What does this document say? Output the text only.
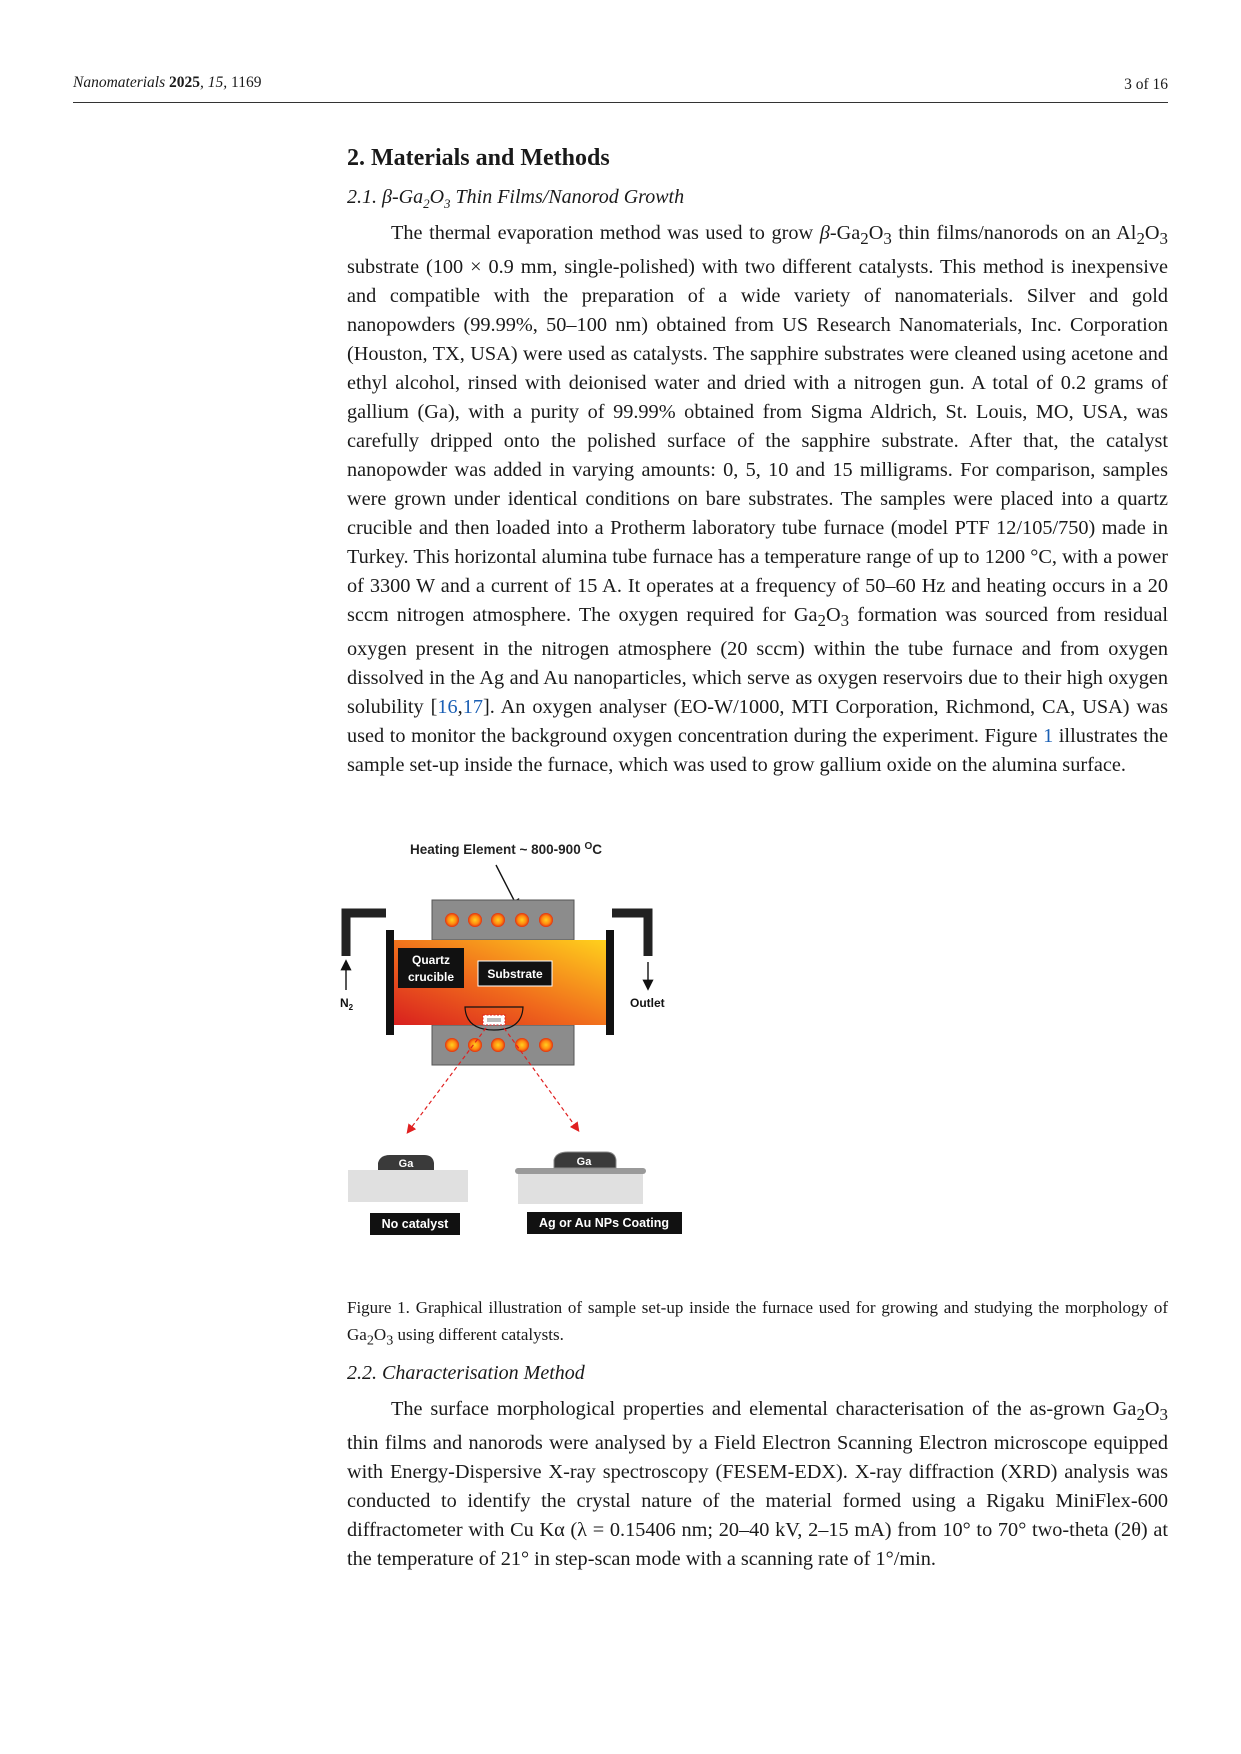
Nanomaterials 2025, 15, 1169	3 of 16
2. Materials and Methods
2.1. $\beta-Ga_2O_3$ Thin Films/Nanorod Growth

The thermal evaporation method was used to grow $\beta-Ga_2O_3$ thin films/nanorods on an $Al_2O_3$ substrate (100 × 0.9 mm, single-polished) with two different catalysts. This method is inexpensive and compatible with the preparation of a wide variety of nanomaterials. Silver and gold nanopowders (99.99%, 50–100 nm) obtained from US Research Nanomaterials, Inc. Corporation (Houston, TX, USA) were used as catalysts. The sapphire substrates were cleaned using acetone and ethyl alcohol, rinsed with deionised water and dried with a nitrogen gun. A total of 0.2 grams of gallium (Ga), with a purity of 99.99% obtained from Sigma Aldrich, St. Louis, MO, USA, was carefully dripped onto the polished surface of the sapphire substrate. After that, the catalyst nanopowder was added in varying amounts: 0, 5, 10 and 15 milligrams. For comparison, samples were grown under identical conditions on bare substrates. The samples were placed into a quartz crucible and then loaded into a Protherm laboratory tube furnace (model PTF 12/105/750) made in Turkey. This horizontal alumina tube furnace has a temperature range of up to 1200 °C, with a power of 3300 W and a current of 15 A. It operates at a frequency of 50–60 Hz and heating occurs in a 20 sccm nitrogen atmosphere. The oxygen required for $Ga_2O_3$ formation was sourced from residual oxygen present in the nitrogen atmosphere (20 sccm) within the tube furnace and from oxygen dissolved in the Ag and Au nanoparticles, which serve as oxygen reservoirs due to their high oxygen solubility [16,17]. An oxygen analyser (EO-W/1000, MTI Corporation, Richmond, CA, USA) was used to monitor the background oxygen concentration during the experiment. Figure 1 illustrates the sample set-up inside the furnace, which was used to grow gallium oxide on the alumina surface.

Heating Element ~ 800-900 $^O$C
$N_2$	Outlet
Quartz
crucible	Substrate
Ga
No catalyst
Ga
Ag or Au NPs Coating

Figure 1. Graphical illustration of sample set-up inside the furnace used for growing and studying the morphology of $Ga_2O_3$ using different catalysts.

2.2. Characterisation Method

The surface morphological properties and elemental characterisation of the as-grown $Ga_2O_3$ thin films and nanorods were analysed by a Field Electron Scanning Electron microscope equipped with Energy-Dispersive X-ray spectroscopy (FESEM-EDX). X-ray diffraction (XRD) analysis was conducted to identify the crystal nature of the material formed using a Rigaku MiniFlex-600 diffractometer with Cu Kα (λ = 0.15406 nm; 20–40 kV, 2–15 mA) from 10° to 70° two-theta (2θ) at the temperature of 21° in step-scan mode with a scanning rate of 1°/min.
